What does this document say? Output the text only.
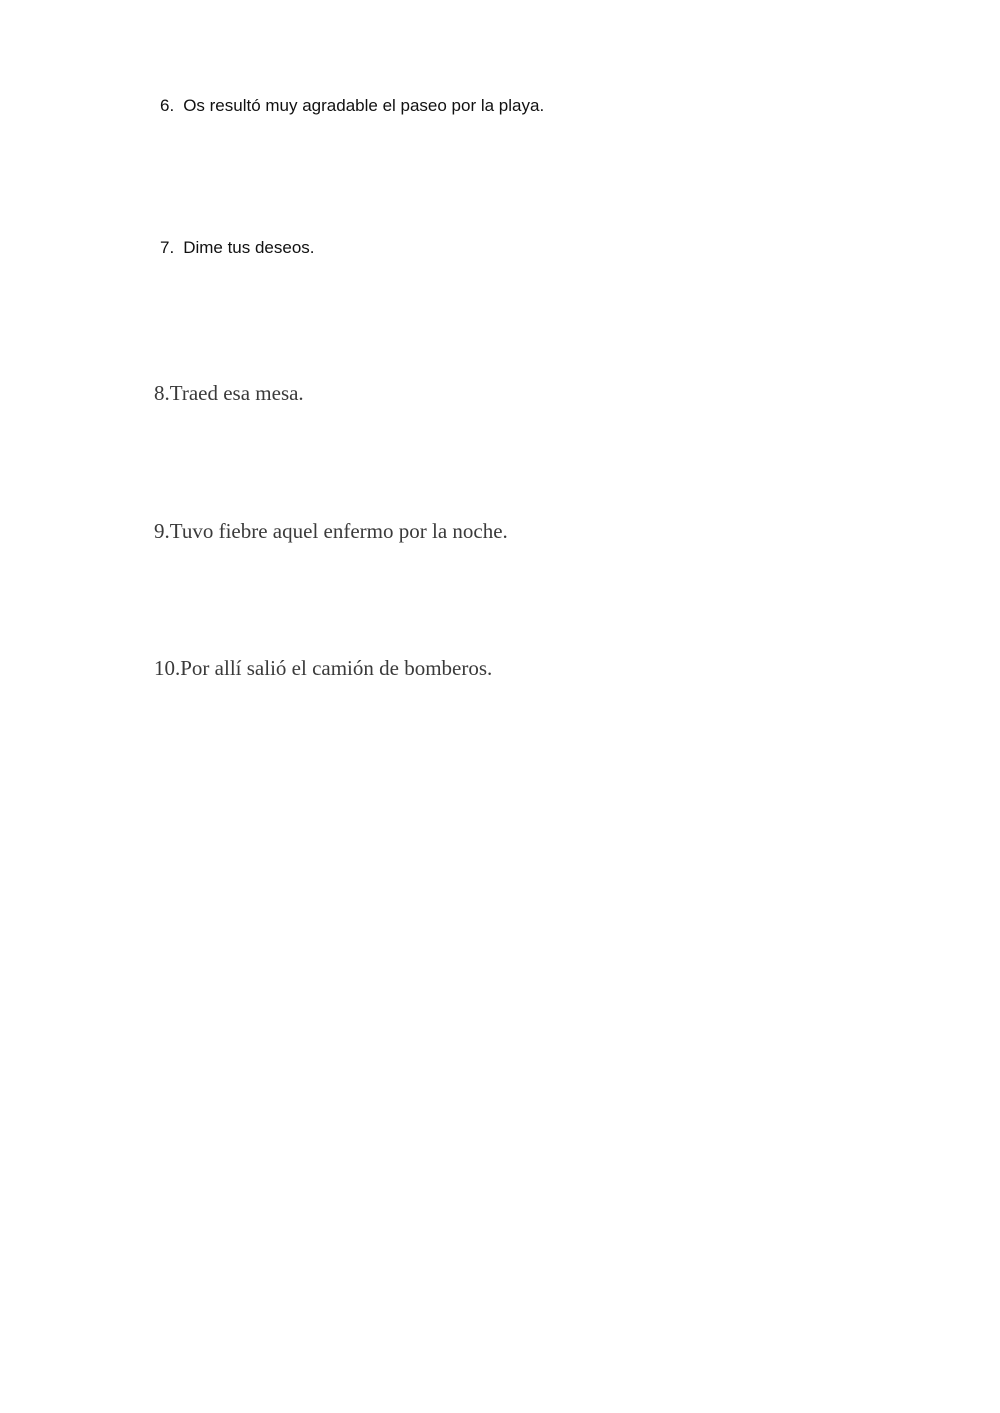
6. Os resultó muy agradable el paseo por la playa.
7. Dime tus deseos.
8.Traed esa mesa.
9.Tuvo fiebre aquel enfermo por la noche.
10.Por allí salió el camión de bomberos.
